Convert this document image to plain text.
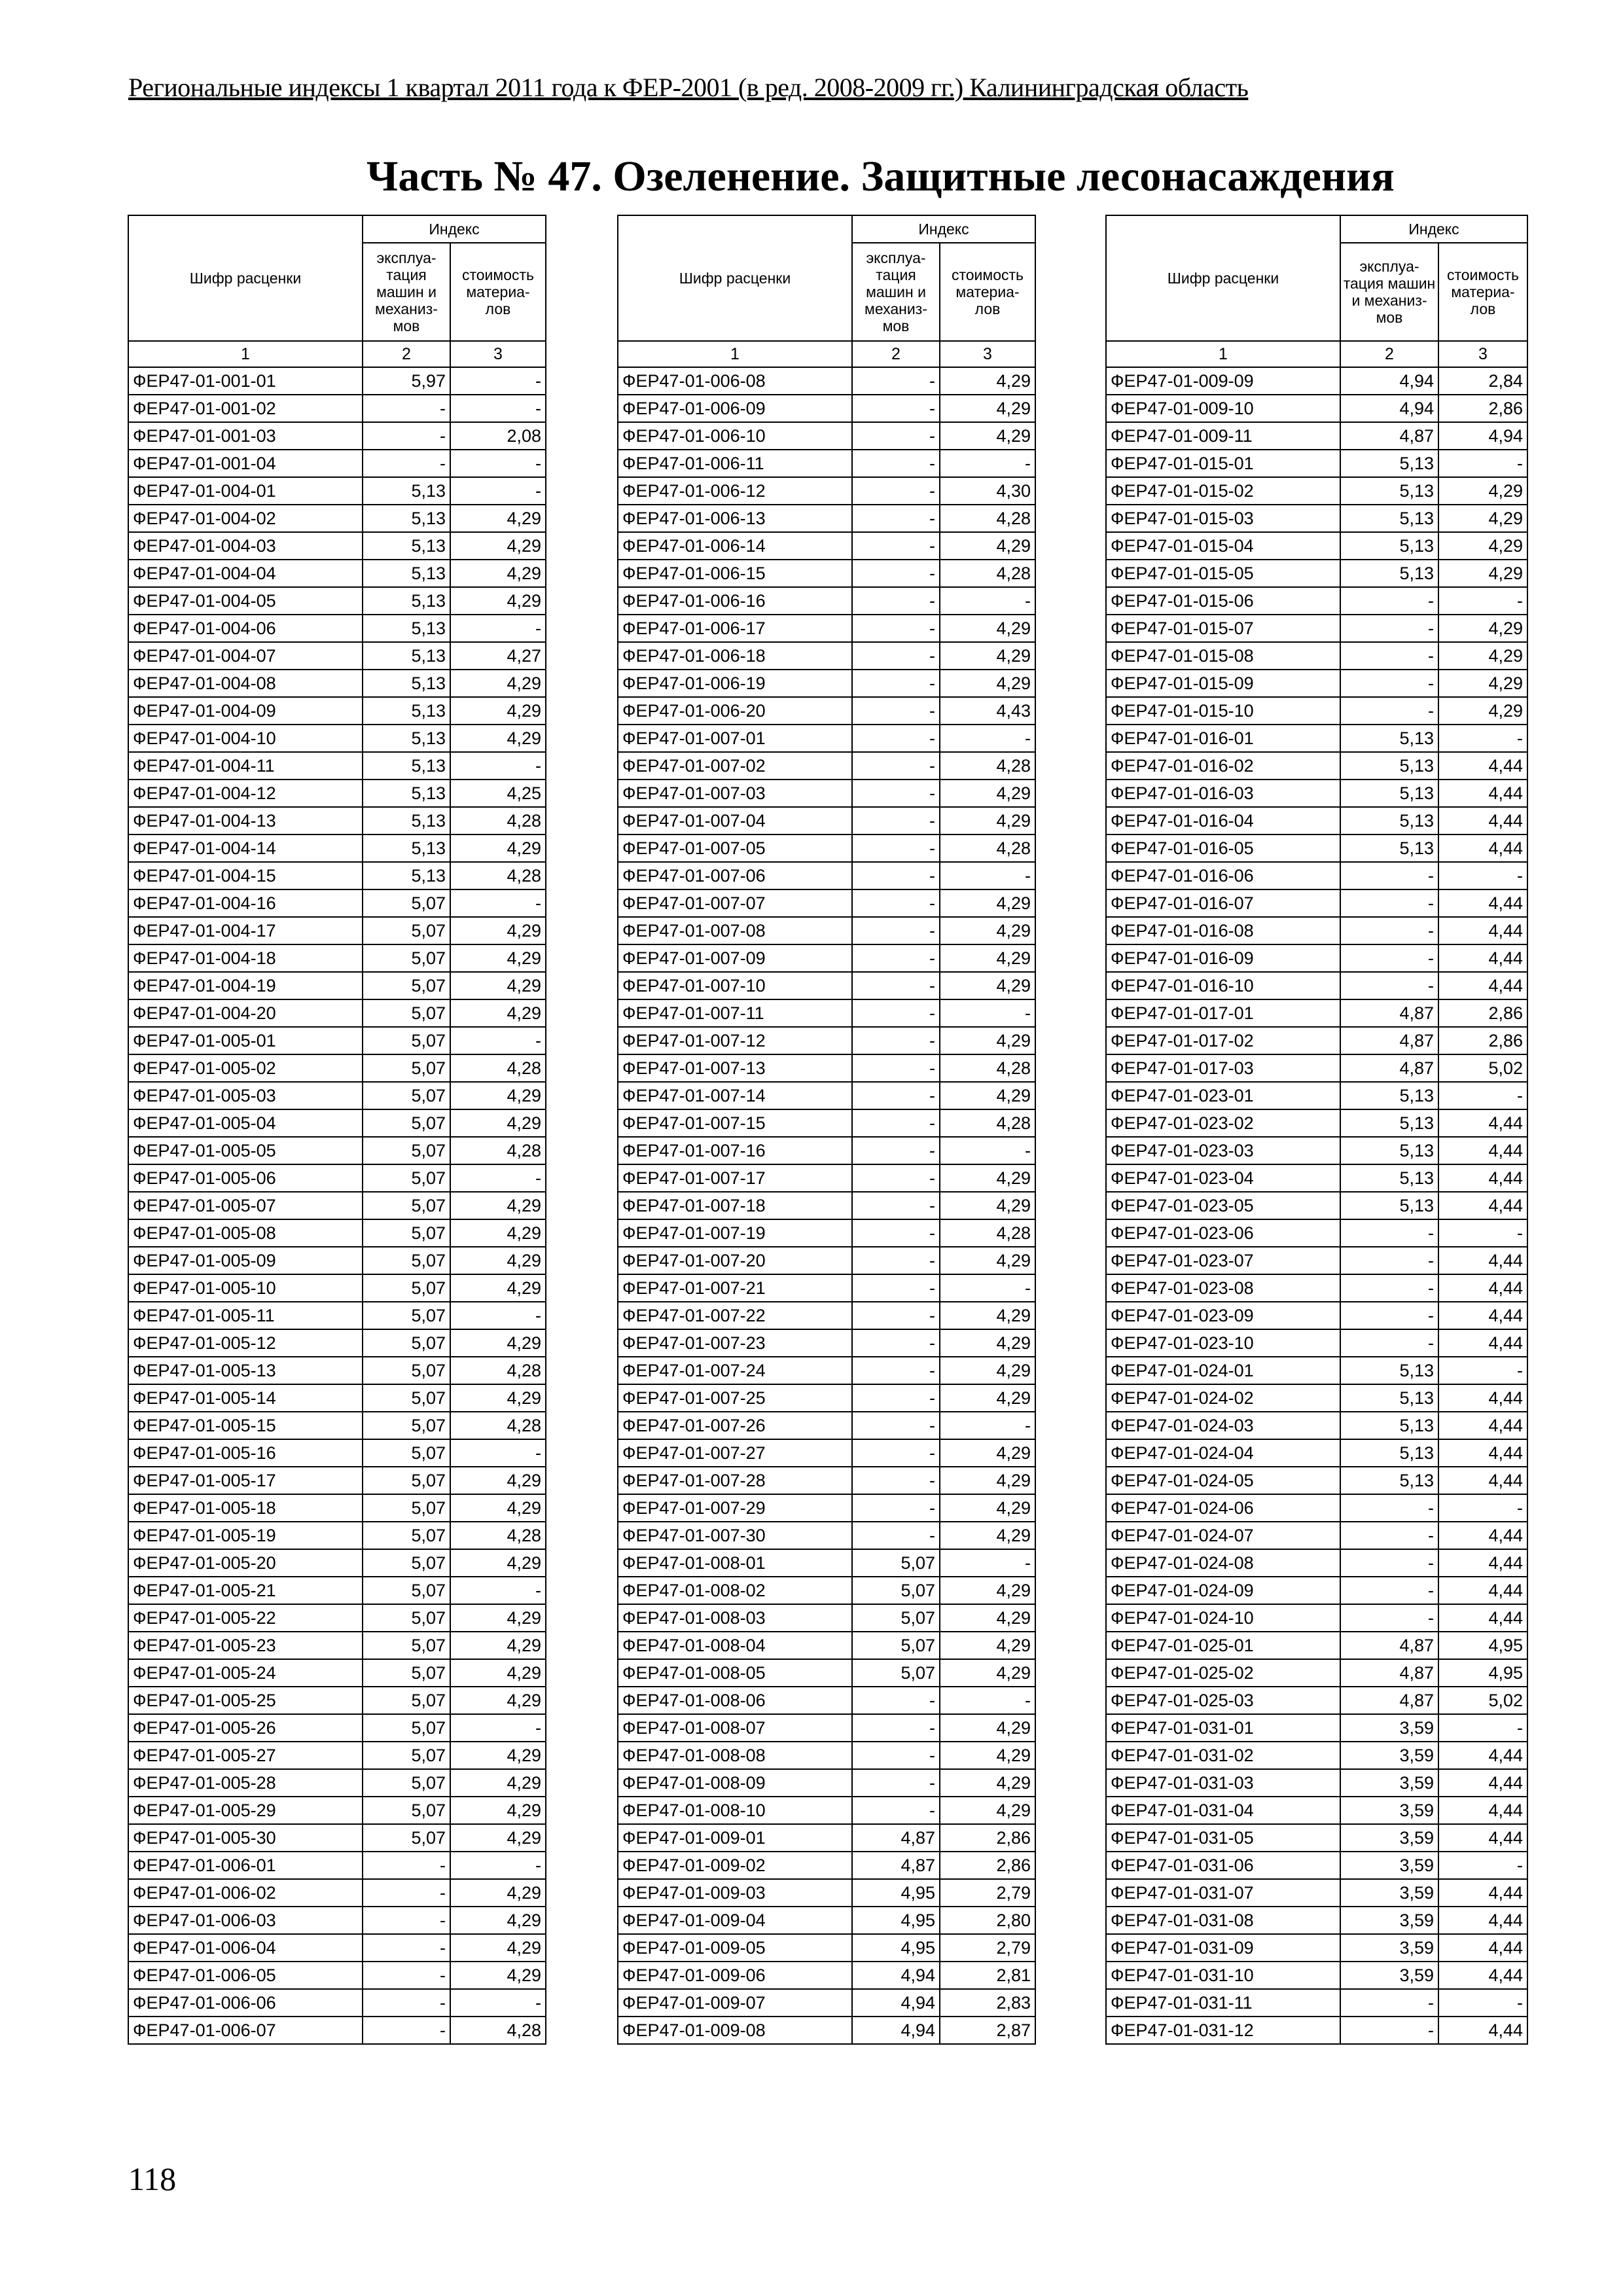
Региональные индексы 1 квартал 2011 года к ФЕР-2001 (в ред. 2008-2009 гг.) Калининградская область
Часть № 47. Озеленение. Защитные лесонасаждения
Шифр расценки	Индекс	
	эксплуа- тация машин и механиз- мов	стоимость материа- лов
1	2	3
ФЕР47-01-001-01	5,97	-
ФЕР47-01-001-02	-	-
ФЕР47-01-001-03	-	2,08
ФЕР47-01-001-04	-	-
ФЕР47-01-004-01	5,13	-
ФЕР47-01-004-02	5,13	4,29
ФЕР47-01-004-03	5,13	4,29
ФЕР47-01-004-04	5,13	4,29
ФЕР47-01-004-05	5,13	4,29
ФЕР47-01-004-06	5,13	-
ФЕР47-01-004-07	5,13	4,27
ФЕР47-01-004-08	5,13	4,29
ФЕР47-01-004-09	5,13	4,29
ФЕР47-01-004-10	5,13	4,29
ФЕР47-01-004-11	5,13	-
ФЕР47-01-004-12	5,13	4,25
ФЕР47-01-004-13	5,13	4,28
ФЕР47-01-004-14	5,13	4,29
ФЕР47-01-004-15	5,13	4,28
ФЕР47-01-004-16	5,07	-
ФЕР47-01-004-17	5,07	4,29
ФЕР47-01-004-18	5,07	4,29
ФЕР47-01-004-19	5,07	4,29
ФЕР47-01-004-20	5,07	4,29
ФЕР47-01-005-01	5,07	-
ФЕР47-01-005-02	5,07	4,28
ФЕР47-01-005-03	5,07	4,29
ФЕР47-01-005-04	5,07	4,29
ФЕР47-01-005-05	5,07	4,28
ФЕР47-01-005-06	5,07	-
ФЕР47-01-005-07	5,07	4,29
ФЕР47-01-005-08	5,07	4,29
ФЕР47-01-005-09	5,07	4,29
ФЕР47-01-005-10	5,07	4,29
ФЕР47-01-005-11	5,07	-
ФЕР47-01-005-12	5,07	4,29
ФЕР47-01-005-13	5,07	4,28
ФЕР47-01-005-14	5,07	4,29
ФЕР47-01-005-15	5,07	4,28
ФЕР47-01-005-16	5,07	-
ФЕР47-01-005-17	5,07	4,29
ФЕР47-01-005-18	5,07	4,29
ФЕР47-01-005-19	5,07	4,28
ФЕР47-01-005-20	5,07	4,29
ФЕР47-01-005-21	5,07	-
ФЕР47-01-005-22	5,07	4,29
ФЕР47-01-005-23	5,07	4,29
ФЕР47-01-005-24	5,07	4,29
ФЕР47-01-005-25	5,07	4,29
ФЕР47-01-005-26	5,07	-
ФЕР47-01-005-27	5,07	4,29
ФЕР47-01-005-28	5,07	4,29
ФЕР47-01-005-29	5,07	4,29
ФЕР47-01-005-30	5,07	4,29
ФЕР47-01-006-01	-	-
ФЕР47-01-006-02	-	4,29
ФЕР47-01-006-03	-	4,29
ФЕР47-01-006-04	-	4,29
ФЕР47-01-006-05	-	4,29
ФЕР47-01-006-06	-	-
ФЕР47-01-006-07	-	4,28
Шифр расценки	Индекс	
	эксплуа- тация машин и механиз- мов	стоимость материа- лов
1	2	3
ФЕР47-01-006-08	-	4,29
ФЕР47-01-006-09	-	4,29
ФЕР47-01-006-10	-	4,29
ФЕР47-01-006-11	-	-
ФЕР47-01-006-12	-	4,30
ФЕР47-01-006-13	-	4,28
ФЕР47-01-006-14	-	4,29
ФЕР47-01-006-15	-	4,28
ФЕР47-01-006-16	-	-
ФЕР47-01-006-17	-	4,29
ФЕР47-01-006-18	-	4,29
ФЕР47-01-006-19	-	4,29
ФЕР47-01-006-20	-	4,43
ФЕР47-01-007-01	-	-
ФЕР47-01-007-02	-	4,28
ФЕР47-01-007-03	-	4,29
ФЕР47-01-007-04	-	4,29
ФЕР47-01-007-05	-	4,28
ФЕР47-01-007-06	-	-
ФЕР47-01-007-07	-	4,29
ФЕР47-01-007-08	-	4,29
ФЕР47-01-007-09	-	4,29
ФЕР47-01-007-10	-	4,29
ФЕР47-01-007-11	-	-
ФЕР47-01-007-12	-	4,29
ФЕР47-01-007-13	-	4,28
ФЕР47-01-007-14	-	4,29
ФЕР47-01-007-15	-	4,28
ФЕР47-01-007-16	-	-
ФЕР47-01-007-17	-	4,29
ФЕР47-01-007-18	-	4,29
ФЕР47-01-007-19	-	4,28
ФЕР47-01-007-20	-	4,29
ФЕР47-01-007-21	-	-
ФЕР47-01-007-22	-	4,29
ФЕР47-01-007-23	-	4,29
ФЕР47-01-007-24	-	4,29
ФЕР47-01-007-25	-	4,29
ФЕР47-01-007-26	-	-
ФЕР47-01-007-27	-	4,29
ФЕР47-01-007-28	-	4,29
ФЕР47-01-007-29	-	4,29
ФЕР47-01-007-30	-	4,29
ФЕР47-01-008-01	5,07	-
ФЕР47-01-008-02	5,07	4,29
ФЕР47-01-008-03	5,07	4,29
ФЕР47-01-008-04	5,07	4,29
ФЕР47-01-008-05	5,07	4,29
ФЕР47-01-008-06	-	-
ФЕР47-01-008-07	-	4,29
ФЕР47-01-008-08	-	4,29
ФЕР47-01-008-09	-	4,29
ФЕР47-01-008-10	-	4,29
ФЕР47-01-009-01	4,87	2,86
ФЕР47-01-009-02	4,87	2,86
ФЕР47-01-009-03	4,95	2,79
ФЕР47-01-009-04	4,95	2,80
ФЕР47-01-009-05	4,95	2,79
ФЕР47-01-009-06	4,94	2,81
ФЕР47-01-009-07	4,94	2,83
ФЕР47-01-009-08	4,94	2,87
Шифр расценки	Индекс	
	эксплуа- тация машин и механиз- мов	стоимость материа- лов
1	2	3
ФЕР47-01-009-09	4,94	2,84
ФЕР47-01-009-10	4,94	2,86
ФЕР47-01-009-11	4,87	4,94
ФЕР47-01-015-01	5,13	-
ФЕР47-01-015-02	5,13	4,29
ФЕР47-01-015-03	5,13	4,29
ФЕР47-01-015-04	5,13	4,29
ФЕР47-01-015-05	5,13	4,29
ФЕР47-01-015-06	-	-
ФЕР47-01-015-07	-	4,29
ФЕР47-01-015-08	-	4,29
ФЕР47-01-015-09	-	4,29
ФЕР47-01-015-10	-	4,29
ФЕР47-01-016-01	5,13	-
ФЕР47-01-016-02	5,13	4,44
ФЕР47-01-016-03	5,13	4,44
ФЕР47-01-016-04	5,13	4,44
ФЕР47-01-016-05	5,13	4,44
ФЕР47-01-016-06	-	-
ФЕР47-01-016-07	-	4,44
ФЕР47-01-016-08	-	4,44
ФЕР47-01-016-09	-	4,44
ФЕР47-01-016-10	-	4,44
ФЕР47-01-017-01	4,87	2,86
ФЕР47-01-017-02	4,87	2,86
ФЕР47-01-017-03	4,87	5,02
ФЕР47-01-023-01	5,13	-
ФЕР47-01-023-02	5,13	4,44
ФЕР47-01-023-03	5,13	4,44
ФЕР47-01-023-04	5,13	4,44
ФЕР47-01-023-05	5,13	4,44
ФЕР47-01-023-06	-	-
ФЕР47-01-023-07	-	4,44
ФЕР47-01-023-08	-	4,44
ФЕР47-01-023-09	-	4,44
ФЕР47-01-023-10	-	4,44
ФЕР47-01-024-01	5,13	-
ФЕР47-01-024-02	5,13	4,44
ФЕР47-01-024-03	5,13	4,44
ФЕР47-01-024-04	5,13	4,44
ФЕР47-01-024-05	5,13	4,44
ФЕР47-01-024-06	-	-
ФЕР47-01-024-07	-	4,44
ФЕР47-01-024-08	-	4,44
ФЕР47-01-024-09	-	4,44
ФЕР47-01-024-10	-	4,44
ФЕР47-01-025-01	4,87	4,95
ФЕР47-01-025-02	4,87	4,95
ФЕР47-01-025-03	4,87	5,02
ФЕР47-01-031-01	3,59	-
ФЕР47-01-031-02	3,59	4,44
ФЕР47-01-031-03	3,59	4,44
ФЕР47-01-031-04	3,59	4,44
ФЕР47-01-031-05	3,59	4,44
ФЕР47-01-031-06	3,59	-
ФЕР47-01-031-07	3,59	4,44
ФЕР47-01-031-08	3,59	4,44
ФЕР47-01-031-09	3,59	4,44
ФЕР47-01-031-10	3,59	4,44
ФЕР47-01-031-11	-	-
ФЕР47-01-031-12	-	4,44
118
